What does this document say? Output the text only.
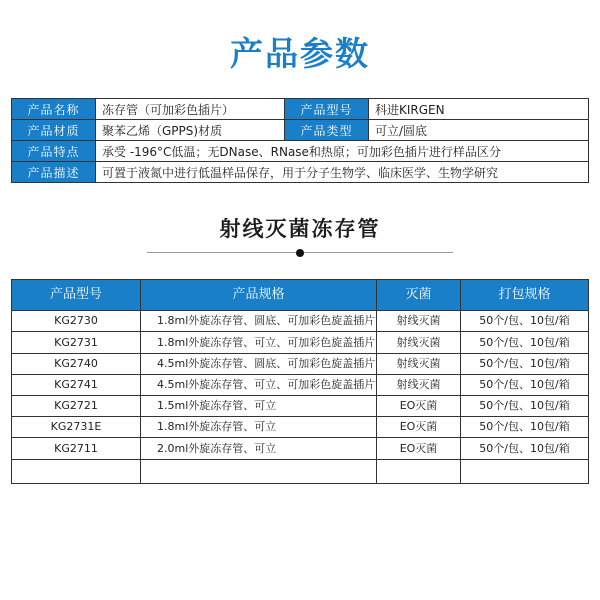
产品参数
产品名称	冻存管（可加彩色插片）	产品型号	科进KIRGEN
产品材质	聚苯乙烯（GPPS)材质	产品类型	可立/圆底
产品特点	承受 -196°C低温；无DNase、RNase和热原；可加彩色插片进行样品区分		
产品描述	可置于液氮中进行低温样品保存，用于分子生物学、临床医学、生物学研究		
射线灭菌冻存管
产品型号	产品规格	灭菌	打包规格
KG2730	1.8ml外旋冻存管、圆底、可加彩色旋盖插片	射线灭菌	50个/包、10包/箱
KG2731	1.8ml外旋冻存管、可立、可加彩色旋盖插片	射线灭菌	50个/包、10包/箱
KG2740	4.5ml外旋冻存管、圆底、可加彩色旋盖插片	射线灭菌	50个/包、10包/箱
KG2741	4.5ml外旋冻存管、可立、可加彩色旋盖插片	射线灭菌	50个/包、10包/箱
KG2721	1.5ml外旋冻存管、可立	EO灭菌	50个/包、10包/箱
KG2731E	1.8ml外旋冻存管、可立	EO灭菌	50个/包、10包/箱
KG2711	2.0ml外旋冻存管、可立	EO灭菌	50个/包、10包/箱
